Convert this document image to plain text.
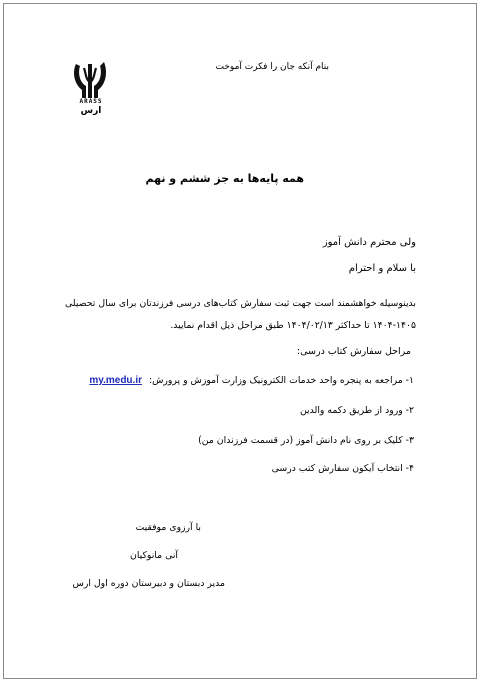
ARASS
ارس
بنام آنکه جان را فکرت آموخت
همه پایه‌ها به جز ششم و نهم
ولی محترم دانش آموز
با سلام و احترام
بدینوسیله خواهشمند است جهت ثبت سفارش کتاب‌های درسی فرزندتان برای سال تحصیلی ۱۴۰۵-۱۴۰۴ تا حداکثر ۱۴۰۴/۰۲/۱۳ طبق مراحل ذیل اقدام نمایید.
مراحل سفارش کتاب درسی:
۱- مراجعه به پنجره واحد خدمات الکترونیک وزارت آموزش و پرورش: my.medu.ir
۲- ورود از طریق دکمه والدین
۳- کلیک بر روی نام دانش آموز (در قسمت فرزندان من)
۴- انتخاب آیکون سفارش کتب درسی
با آرزوی موفقیت
آنی مانوکیان
مدیر دبستان و دبیرستان دوره اول ارس
